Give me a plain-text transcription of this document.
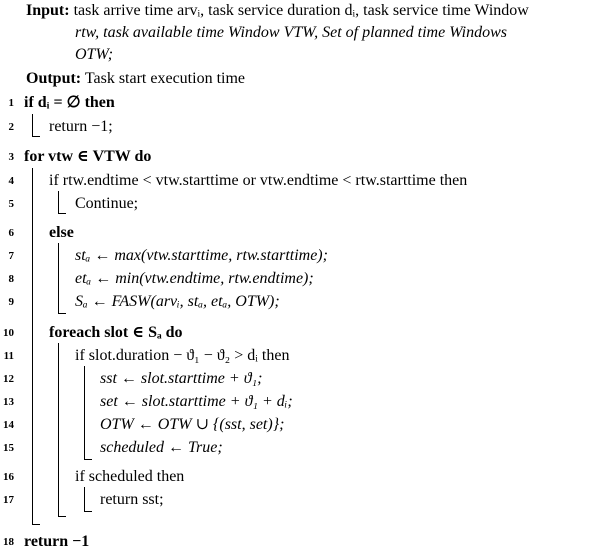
Input: task arrive time arvᵢ, task service duration dᵢ, task service time Window
rtw, task available time Window VTW, Set of planned time Windows
OTW;
Output: Task start execution time
1 if dᵢ = ∅ then
2 return −1;
3 for vtw ∈ VTW do
4 if rtw.endtime < vtw.starttime or vtw.endtime < rtw.starttime then
5	Continue;
6 else
7	stₐ ← max(vtw.starttime, rtw.starttime);
8	etₐ ← min(vtw.endtime, rtw.endtime);
9	Sₐ ← FASW(arvᵢ, stₐ, etₐ, OTW);
10 foreach slot ∈ Sₐ do
11	if slot.duration − ϑ₁ − ϑ₂ > dᵢ then
12	sst ← slot.starttime + ϑ₁;
13	set ← slot.starttime + ϑ₁ + dᵢ;
14	OTW ← OTW ∪ {(sst, set)};
15	scheduled ← True;
16	if scheduled then
17	return sst;
18 return −1
